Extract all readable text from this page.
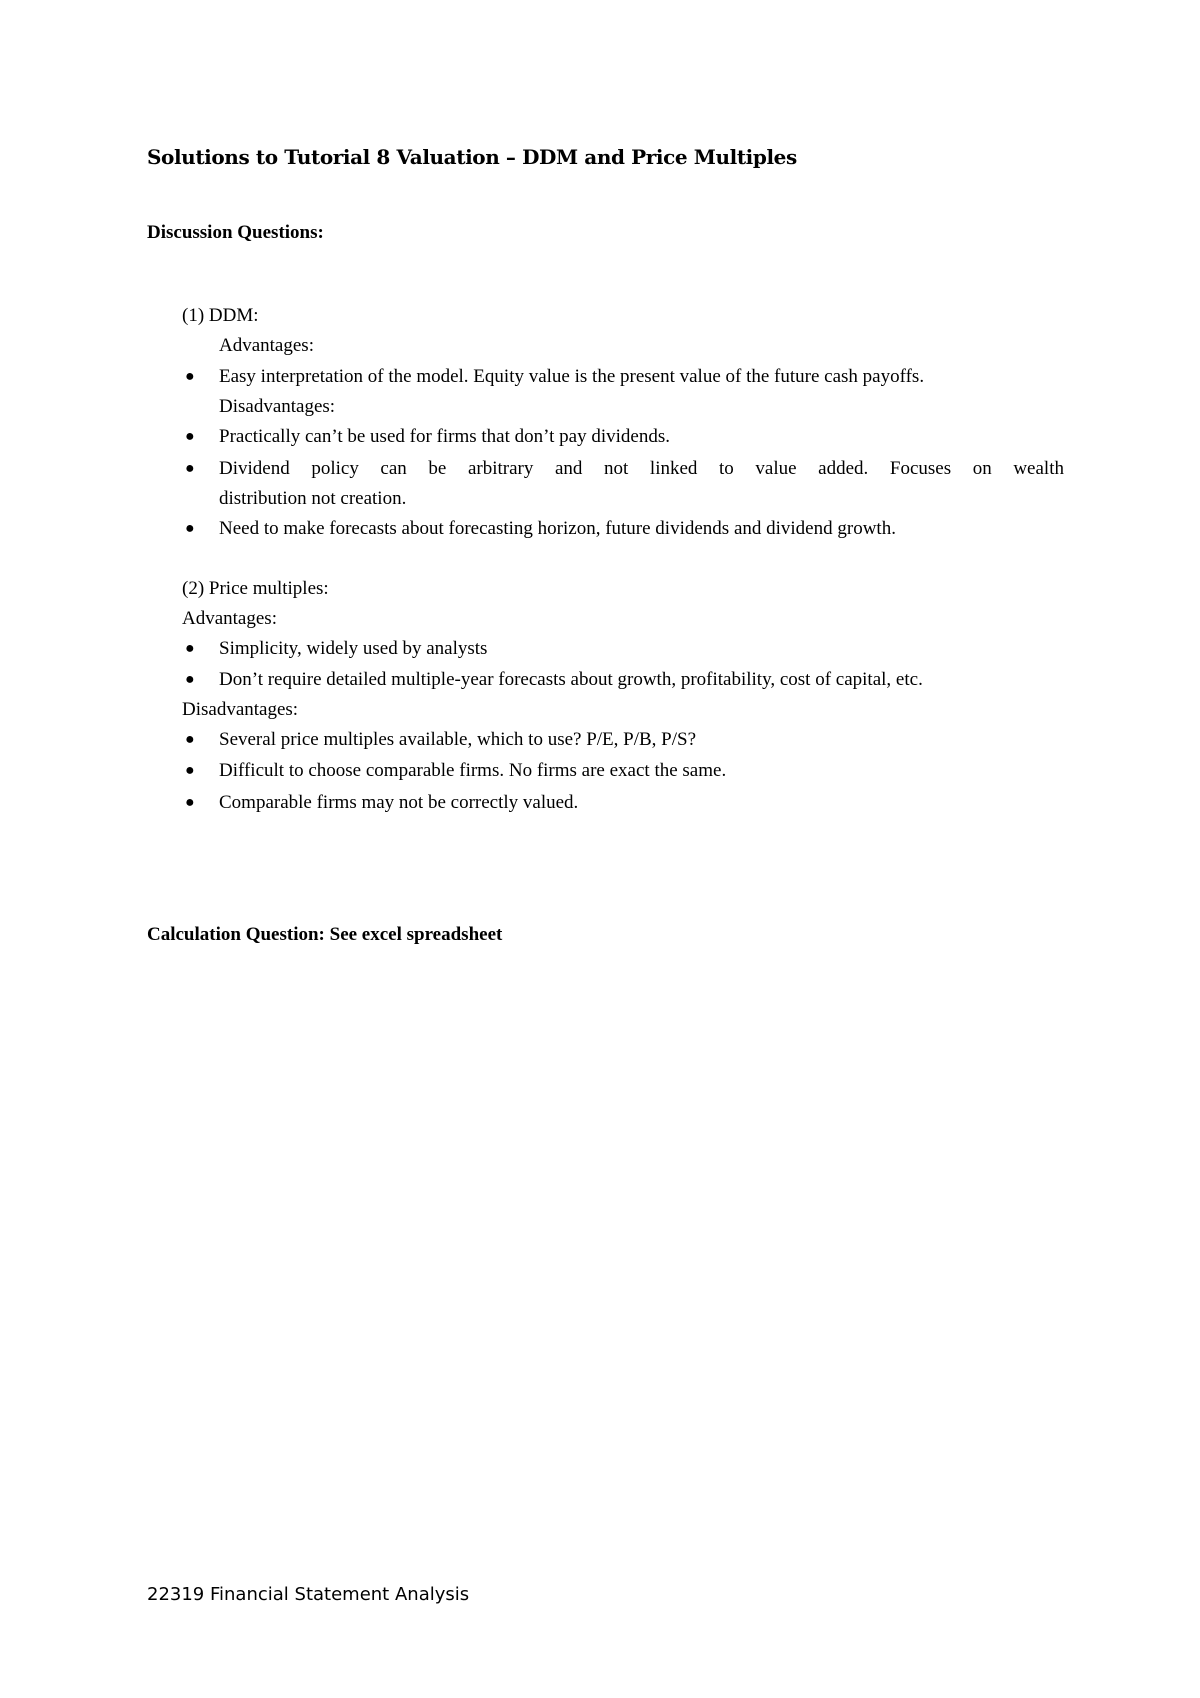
Solutions to Tutorial 8 Valuation – DDM and Price Multiples
Discussion Questions:
(1) DDM:
Advantages:
● Easy interpretation of the model. Equity value is the present value of the future cash payoffs.
Disadvantages:
● Practically can’t be used for firms that don’t pay dividends.
● Dividend policy can be arbitrary and not linked to value added. Focuses on wealth
distribution not creation.
● Need to make forecasts about forecasting horizon, future dividends and dividend growth.
(2) Price multiples:
Advantages:
● Simplicity, widely used by analysts
● Don’t require detailed multiple-year forecasts about growth, profitability, cost of capital, etc.
Disadvantages:
● Several price multiples available, which to use? P/E, P/B, P/S?
● Difficult to choose comparable firms. No firms are exact the same.
● Comparable firms may not be correctly valued.
Calculation Question: See excel spreadsheet
22319 Financial Statement Analysis
